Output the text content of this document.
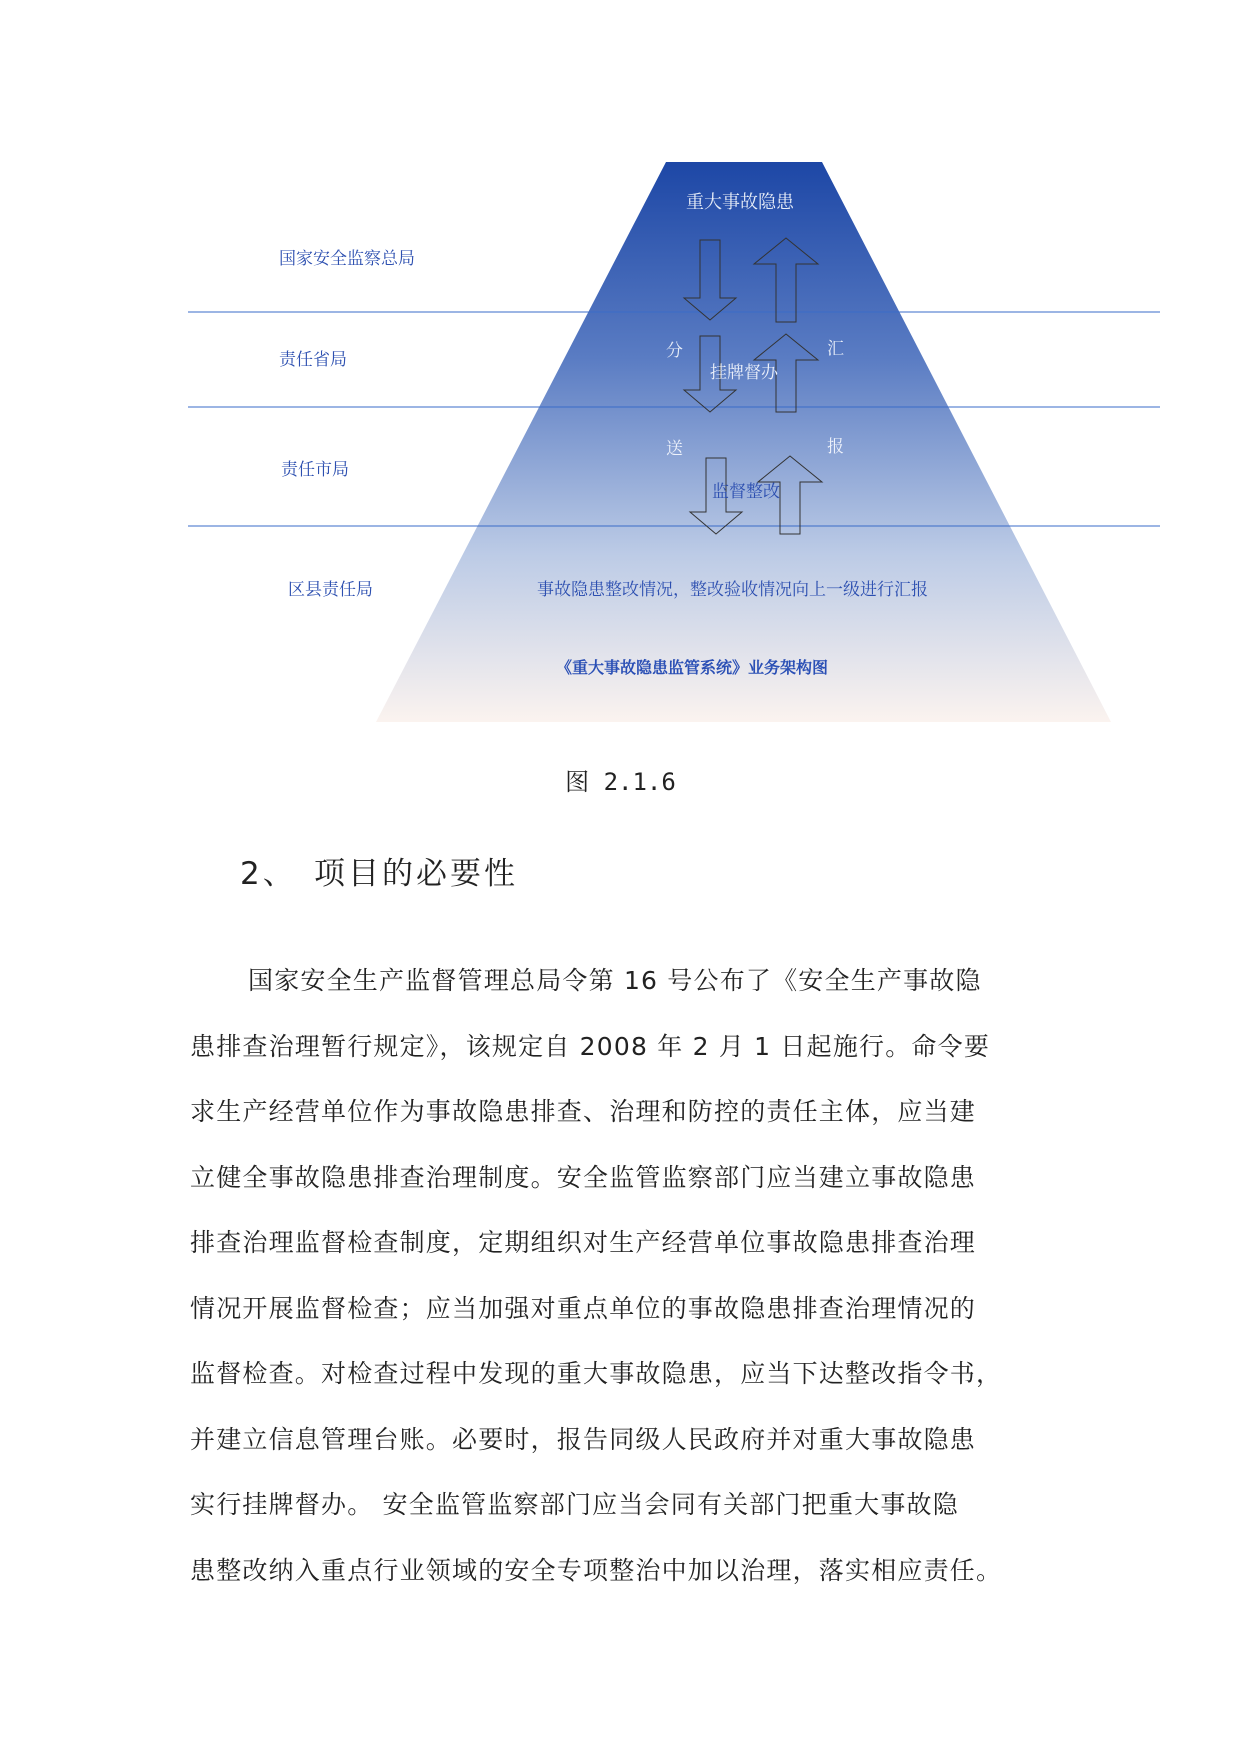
国家安全监察总局
责任省局
责任市局
区县责任局
重大事故隐患
分	汇
挂牌督办
送	报
监督整改
事故隐患整改情况，整改验收情况向上一级进行汇报
《重大事故隐患监管系统》业务架构图
图 2.1.6
2、 项目的必要性
国家安全生产监督管理总局令第 16 号公布了《安全生产事故隐
患排查治理暂行规定》，该规定自 2008 年 2 月 1 日起施行。命令要
求生产经营单位作为事故隐患排查、治理和防控的责任主体，应当建
立健全事故隐患排查治理制度。安全监管监察部门应当建立事故隐患
排查治理监督检查制度，定期组织对生产经营单位事故隐患排查治理
情况开展监督检查；应当加强对重点单位的事故隐患排查治理情况的
监督检查。对检查过程中发现的重大事故隐患，应当下达整改指令书，
并建立信息管理台账。必要时，报告同级人民政府并对重大事故隐患
实行挂牌督办。 安全监管监察部门应当会同有关部门把重大事故隐
患整改纳入重点行业领域的安全专项整治中加以治理，落实相应责任。
